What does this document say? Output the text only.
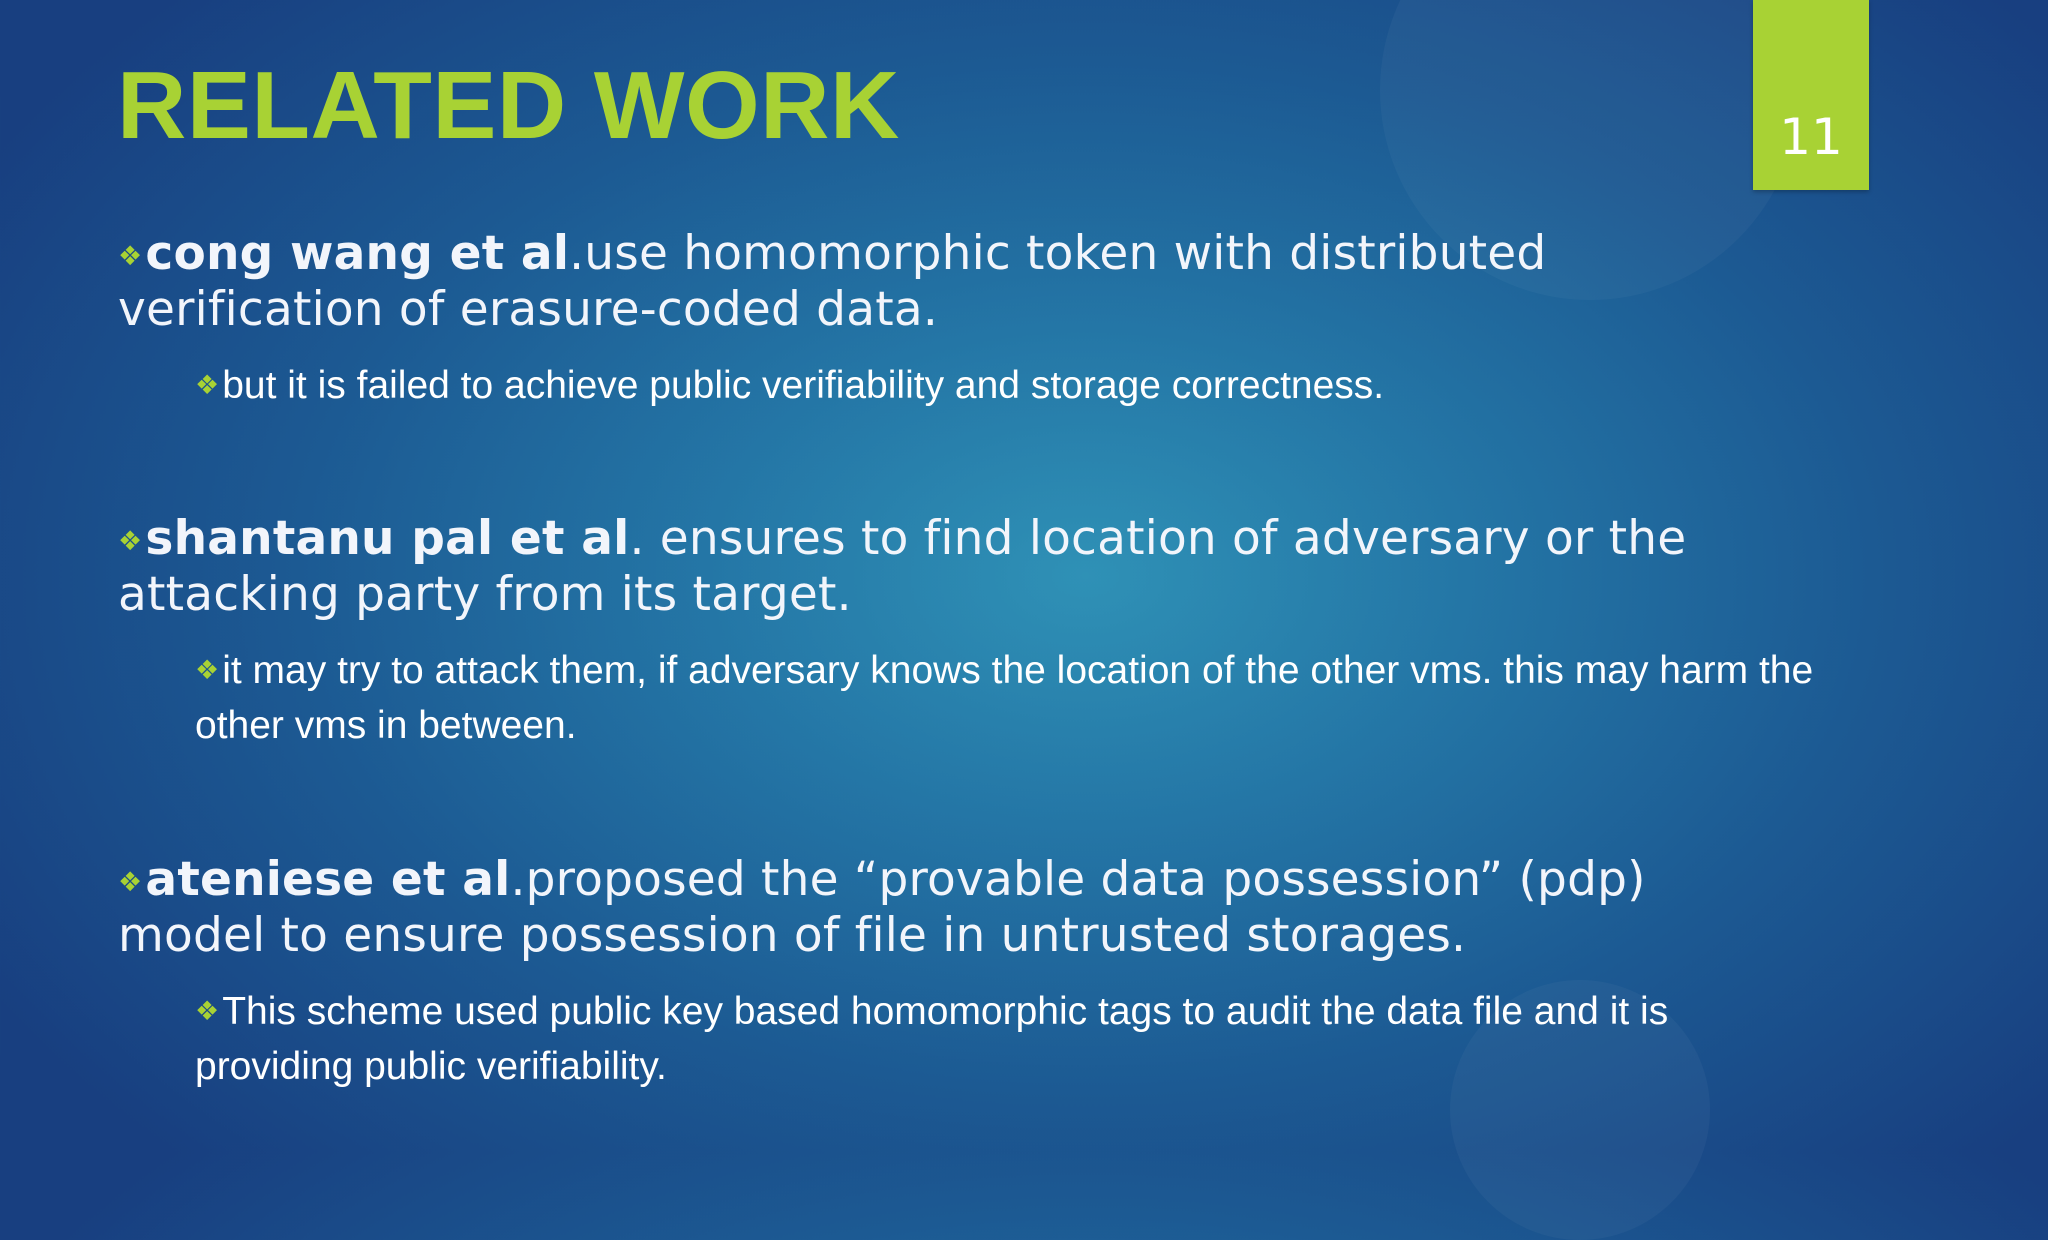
RELATED WORK	11
❖cong wang et al.use homomorphic token with distributed verification of erasure-coded data.
❖but it is failed to achieve public verifiability and storage correctness.
❖shantanu pal et al. ensures to find location of adversary or the attacking party from its target.
❖it may try to attack them, if adversary knows the location of the other vms. this may harm the other vms in between.
❖ateniese et al.proposed the “provable data possession” (pdp) model to ensure possession of file in untrusted storages.
❖This scheme used public key based homomorphic tags to audit the data file and it is providing public verifiability.
